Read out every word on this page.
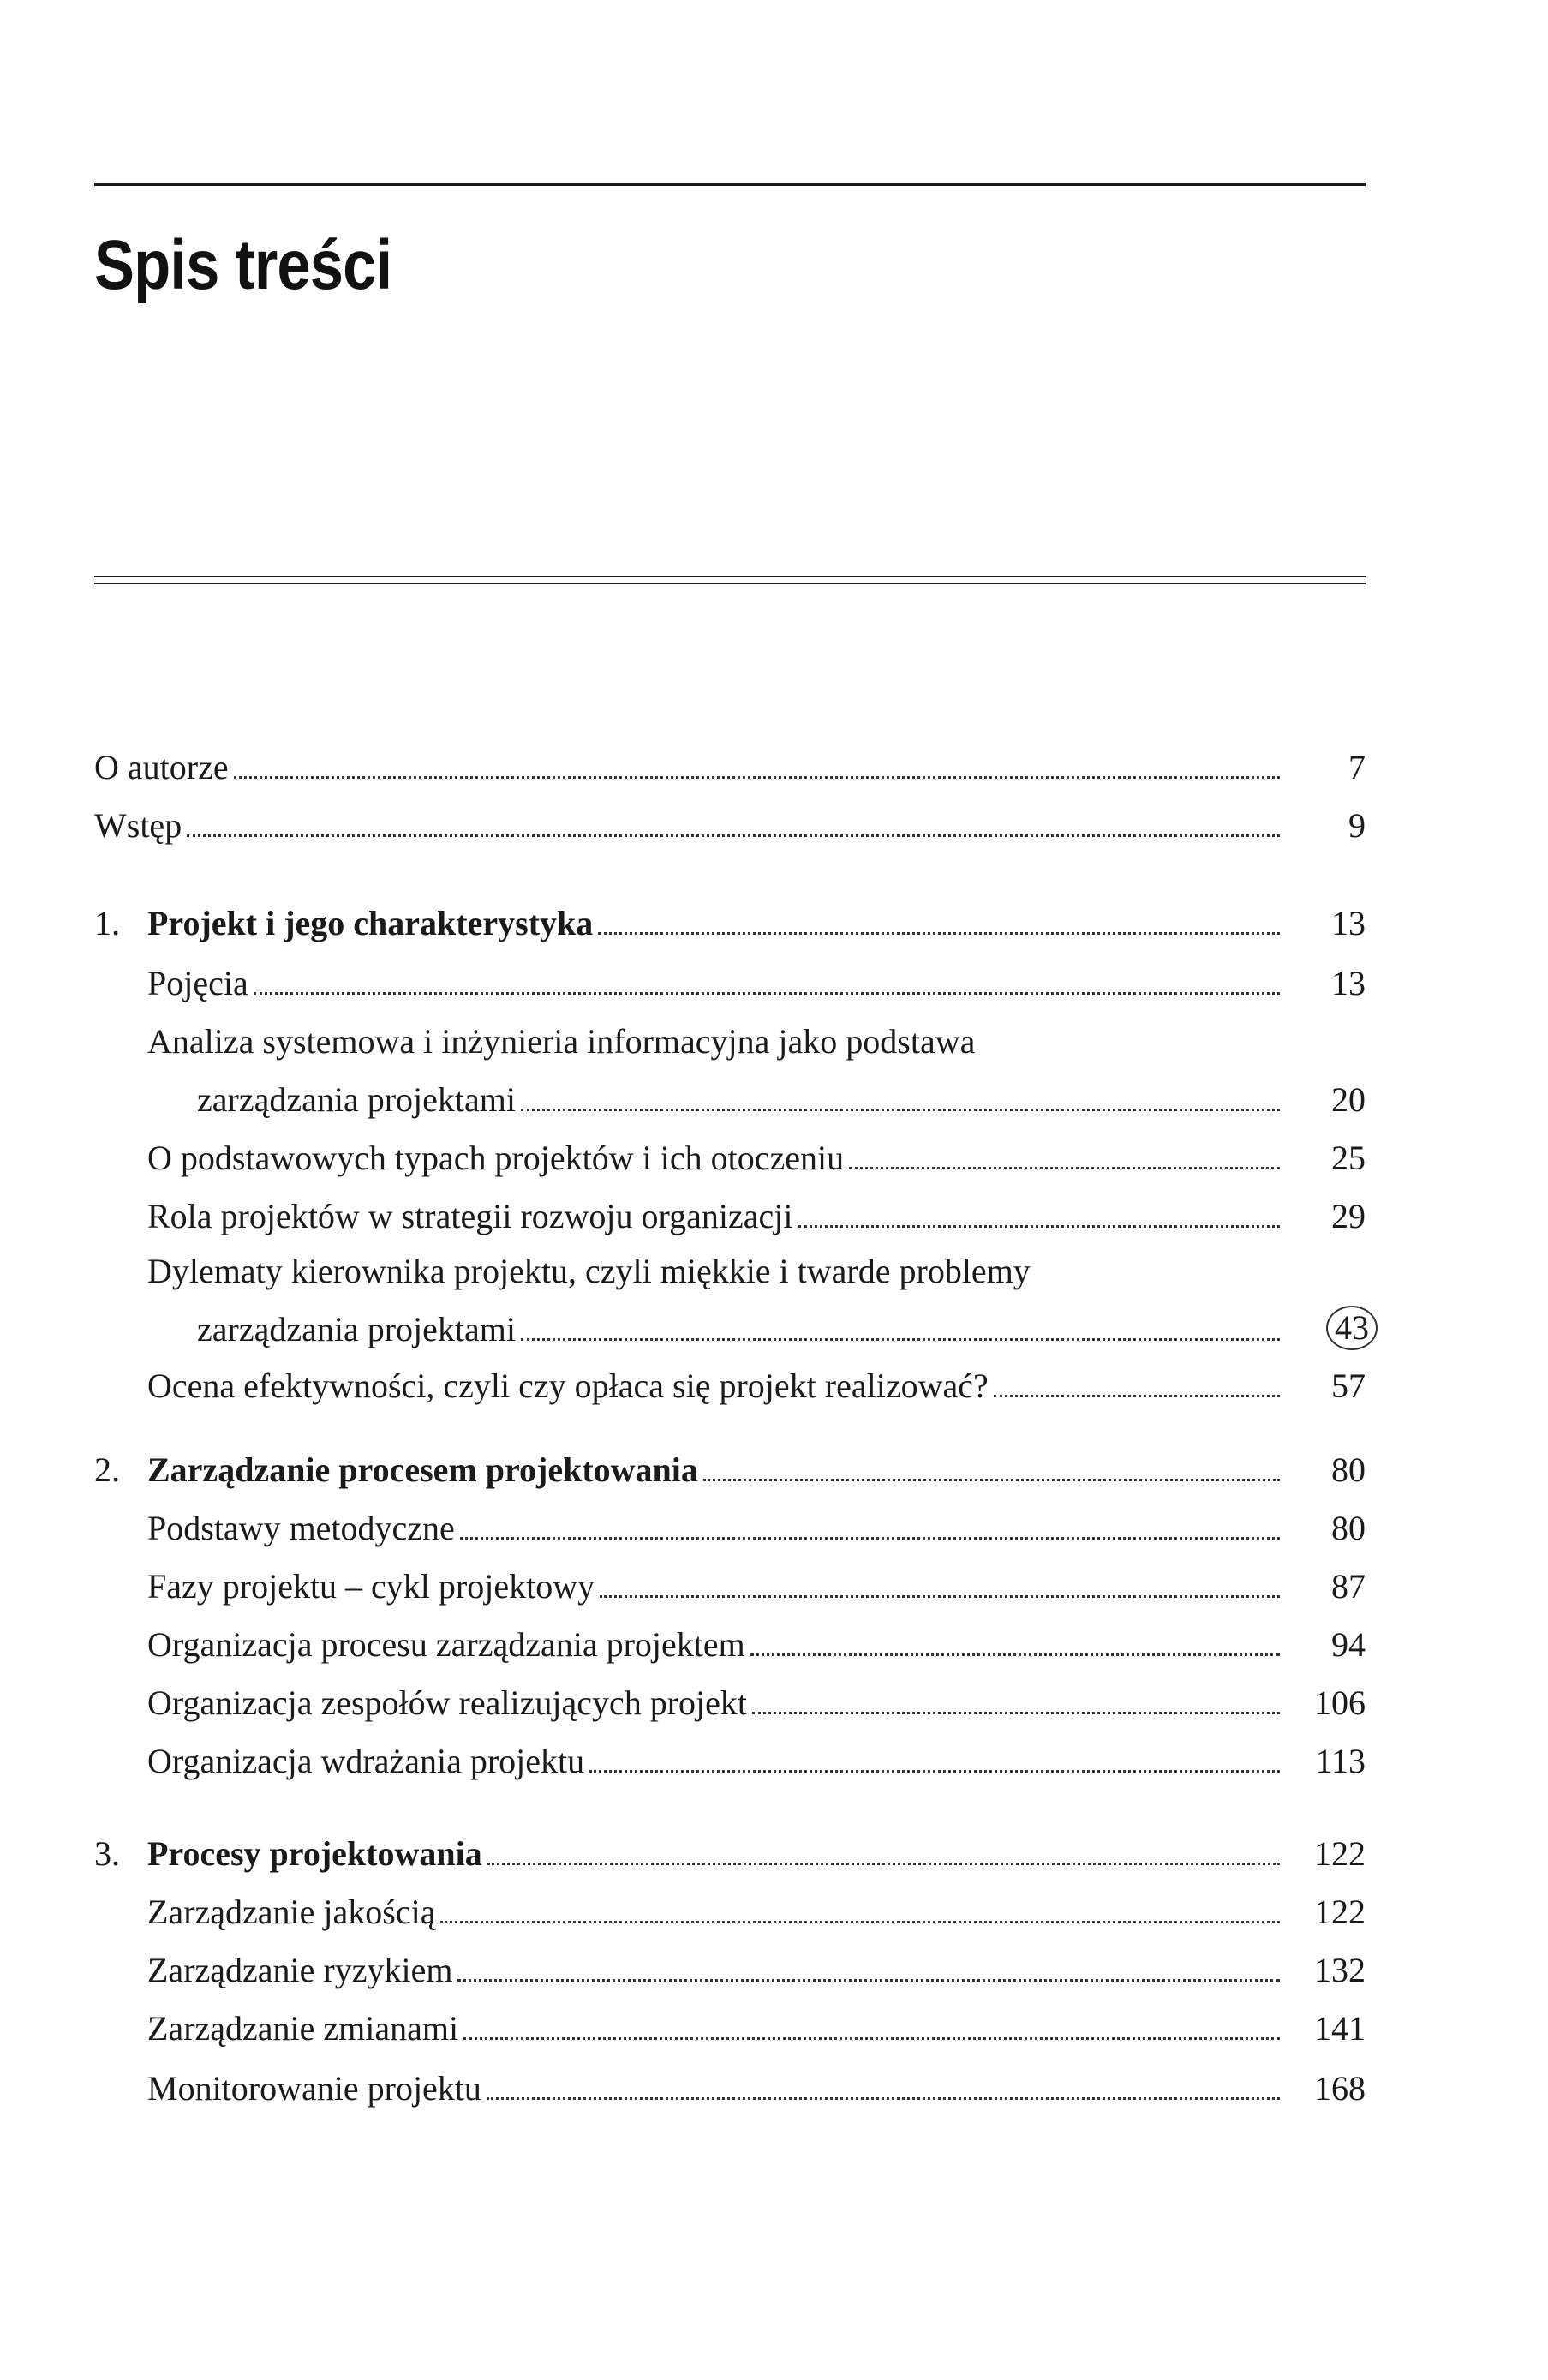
Spis treści
O autorze	7
Wstęp	9
1. Projekt i jego charakterystyka	13
Pojęcia	13
Analiza systemowa i inżynieria informacyjna jako podstawa
zarządzania projektami	20
O podstawowych typach projektów i ich otoczeniu	25
Rola projektów w strategii rozwoju organizacji	29
Dylematy kierownika projektu, czyli miękkie i twarde problemy
zarządzania projektami	43
Ocena efektywności, czyli czy opłaca się projekt realizować?	57
2. Zarządzanie procesem projektowania	80
Podstawy metodyczne	80
Fazy projektu – cykl projektowy	87
Organizacja procesu zarządzania projektem	94
Organizacja zespołów realizujących projekt	106
Organizacja wdrażania projektu	113
3. Procesy projektowania	122
Zarządzanie jakością	122
Zarządzanie ryzykiem	132
Zarządzanie zmianami	141
Monitorowanie projektu	168
